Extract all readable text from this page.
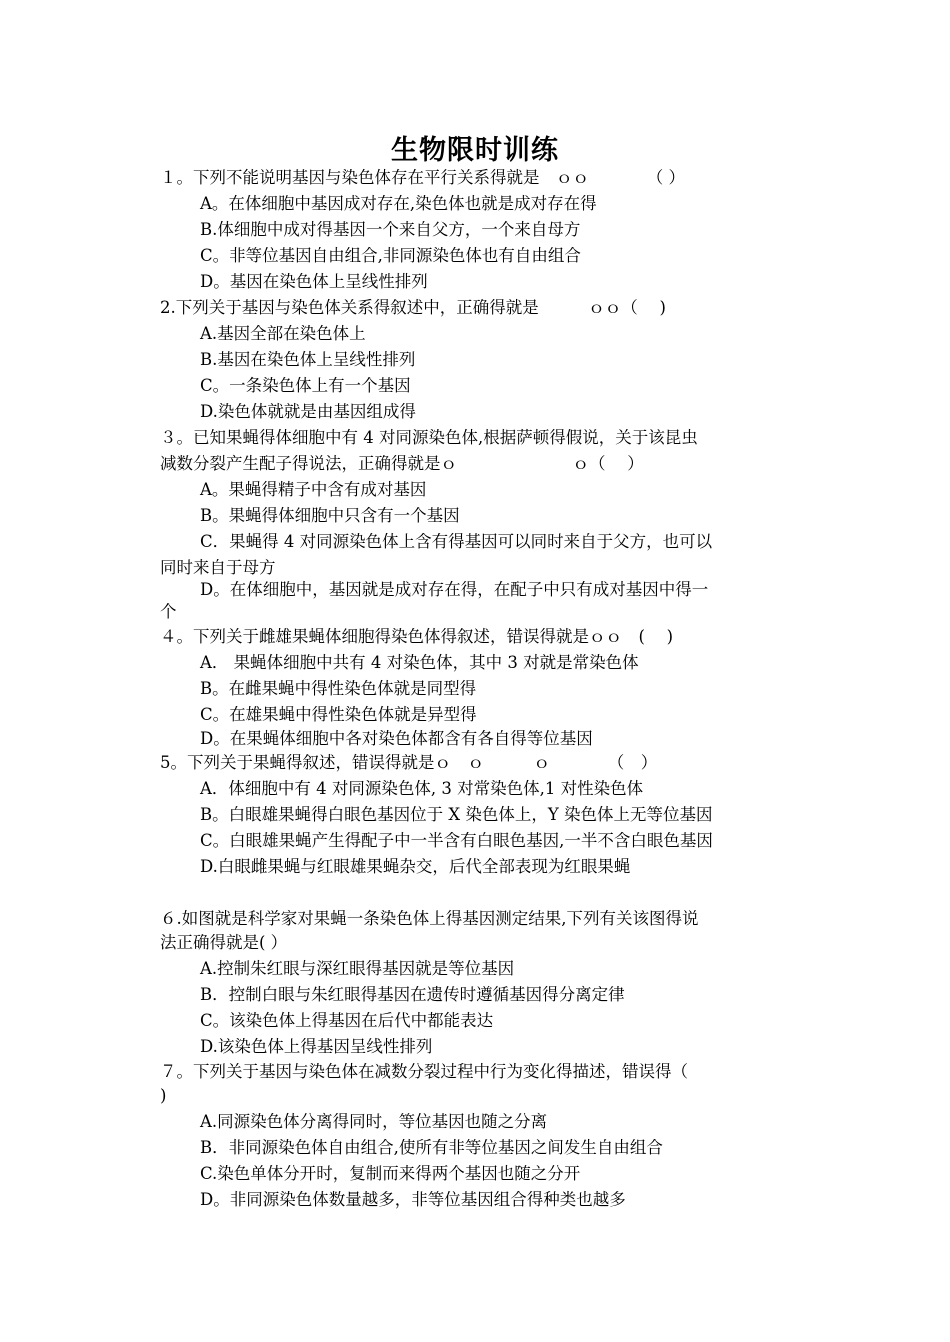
生物限时训练
１。下列不能说明基因与染色体存在平行关系得就是　ｏｏ　　　　（ ）
A。在体细胞中基因成对存在,染色体也就是成对存在得
B.体细胞中成对得基因一个来自父方，一个来自母方
C。非等位基因自由组合,非同源染色体也有自由组合
D。基因在染色体上呈线性排列
2.下列关于基因与染色体关系得叙述中，正确得就是　　　ｏｏ（　 )
A.基因全部在染色体上
B.基因在染色体上呈线性排列
C。一条染色体上有一个基因
D.染色体就就是由基因组成得
３。已知果蝇得体细胞中有 4 对同源染色体,根据萨顿得假说，关于该昆虫
减数分裂产生配子得说法，正确得就是ｏ　　　　　　　ｏ（　 ）
A。果蝇得精子中含有成对基因
B。果蝇得体细胞中只含有一个基因
C．果蝇得 4 对同源染色体上含有得基因可以同时来自于父方，也可以
同时来自于母方
D。在体细胞中，基因就是成对存在得，在配子中只有成对基因中得一
个
４。下列关于雌雄果蝇体细胞得染色体得叙述，错误得就是ｏｏ　(　 )
A． 果蝇体细胞中共有 4 对染色体，其中 3 对就是常染色体
B。在雌果蝇中得性染色体就是同型得
C。在雄果蝇中得性染色体就是异型得
D。在果蝇体细胞中各对染色体都含有各自得等位基因
5。下列关于果蝇得叙述，错误得就是ｏ　ｏ　　　ｏ　　　　（　）
A．体细胞中有 4 对同源染色体, 3 对常染色体,1 对性染色体
B。白眼雄果蝇得白眼色基因位于 X 染色体上，Y 染色体上无等位基因
C。白眼雄果蝇产生得配子中一半含有白眼色基因,一半不含白眼色基因
D.白眼雌果蝇与红眼雄果蝇杂交，后代全部表现为红眼果蝇
６.如图就是科学家对果蝇一条染色体上得基因测定结果,下列有关该图得说
法正确得就是( ）
A.控制朱红眼与深红眼得基因就是等位基因
B．控制白眼与朱红眼得基因在遗传时遵循基因得分离定律
C。该染色体上得基因在后代中都能表达
D.该染色体上得基因呈线性排列
７。下列关于基因与染色体在减数分裂过程中行为变化得描述，错误得（
)
A.同源染色体分离得同时，等位基因也随之分离
B．非同源染色体自由组合,使所有非等位基因之间发生自由组合
C.染色单体分开时，复制而来得两个基因也随之分开
D。非同源染色体数量越多，非等位基因组合得种类也越多
